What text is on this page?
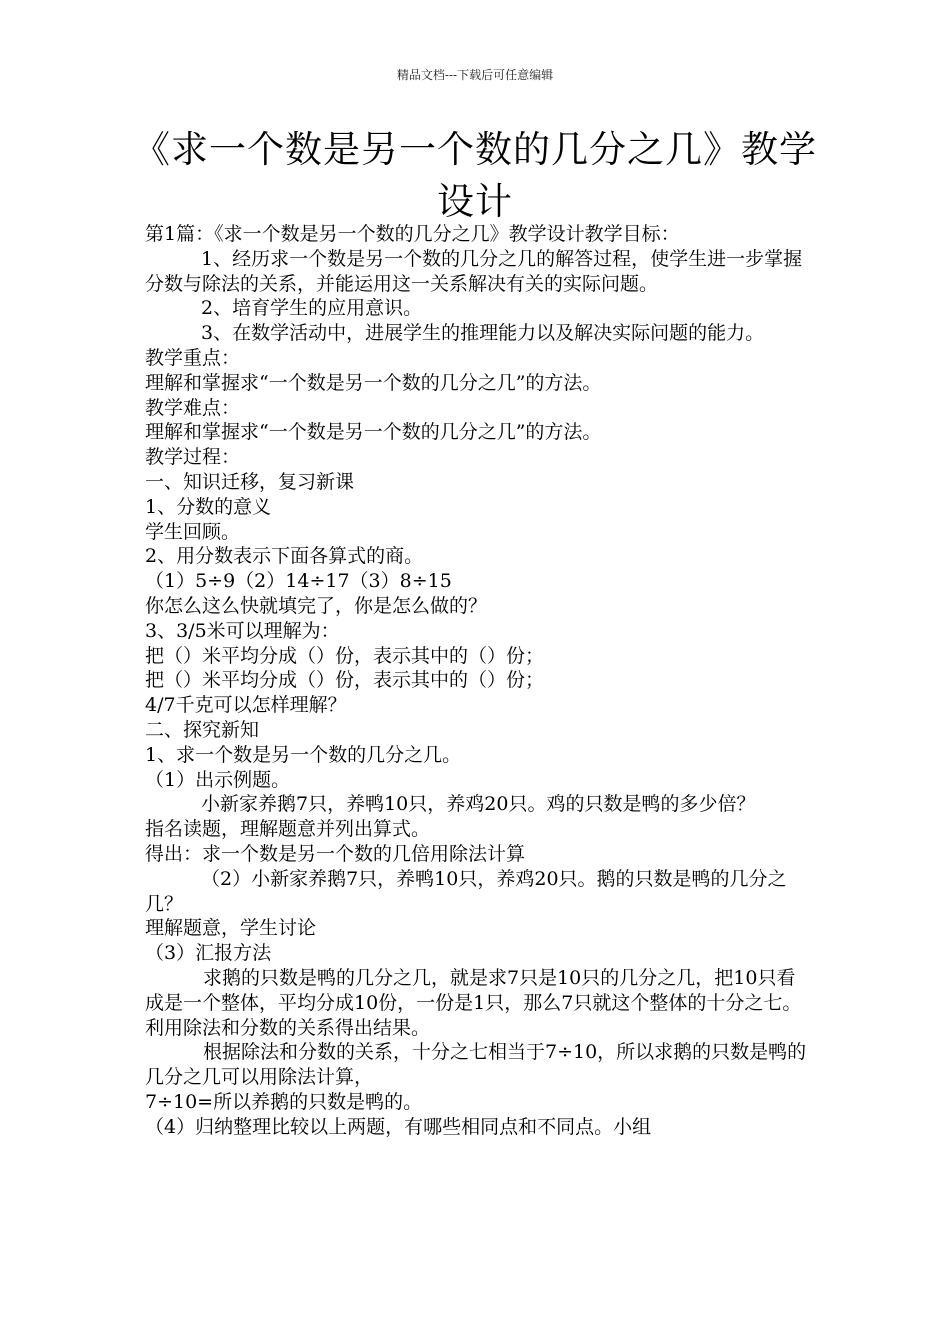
精品文档---下载后可任意编辑
《求一个数是另一个数的几分之几》教学设计

第1篇：《求一个数是另一个数的几分之几》教学设计教学目标：

1、经历求一个数是另一个数的几分之几的解答过程，使学生进一步掌握分数与除法的关系，并能运用这一关系解决有关的实际问题。

2、培育学生的应用意识。

3、在数学活动中，进展学生的推理能力以及解决实际问题的能力。

教学重点：

理解和掌握求“一个数是另一个数的几分之几”的方法。

教学难点：

理解和掌握求“一个数是另一个数的几分之几”的方法。

教学过程：

一、知识迁移，复习新课

1、分数的意义

学生回顾。

2、用分数表示下面各算式的商。

（1）5÷9（2）14÷17（3）8÷15

你怎么这么快就填完了，你是怎么做的？

3、3/5米可以理解为：

把（）米平均分成（）份，表示其中的（）份；

把（）米平均分成（）份，表示其中的（）份；

4/7千克可以怎样理解？

二、探究新知

1、求一个数是另一个数的几分之几。

（1）出示例题。

小新家养鹅7只，养鸭10只，养鸡20只。鸡的只数是鸭的多少倍？

指名读题，理解题意并列出算式。

得出：求一个数是另一个数的几倍用除法计算

（2）小新家养鹅7只，养鸭10只，养鸡20只。鹅的只数是鸭的几分之几？

理解题意，学生讨论

（3）汇报方法

求鹅的只数是鸭的几分之几，就是求7只是10只的几分之几，把10只看成是一个整体，平均分成10份，一份是1只，那么7只就这个整体的十分之七。利用除法和分数的关系得出结果。

根据除法和分数的关系，十分之七相当于7÷10，所以求鹅的只数是鸭的几分之几可以用除法计算，

7÷10=所以养鹅的只数是鸭的。

（4）归纳整理比较以上两题，有哪些相同点和不同点。小组
